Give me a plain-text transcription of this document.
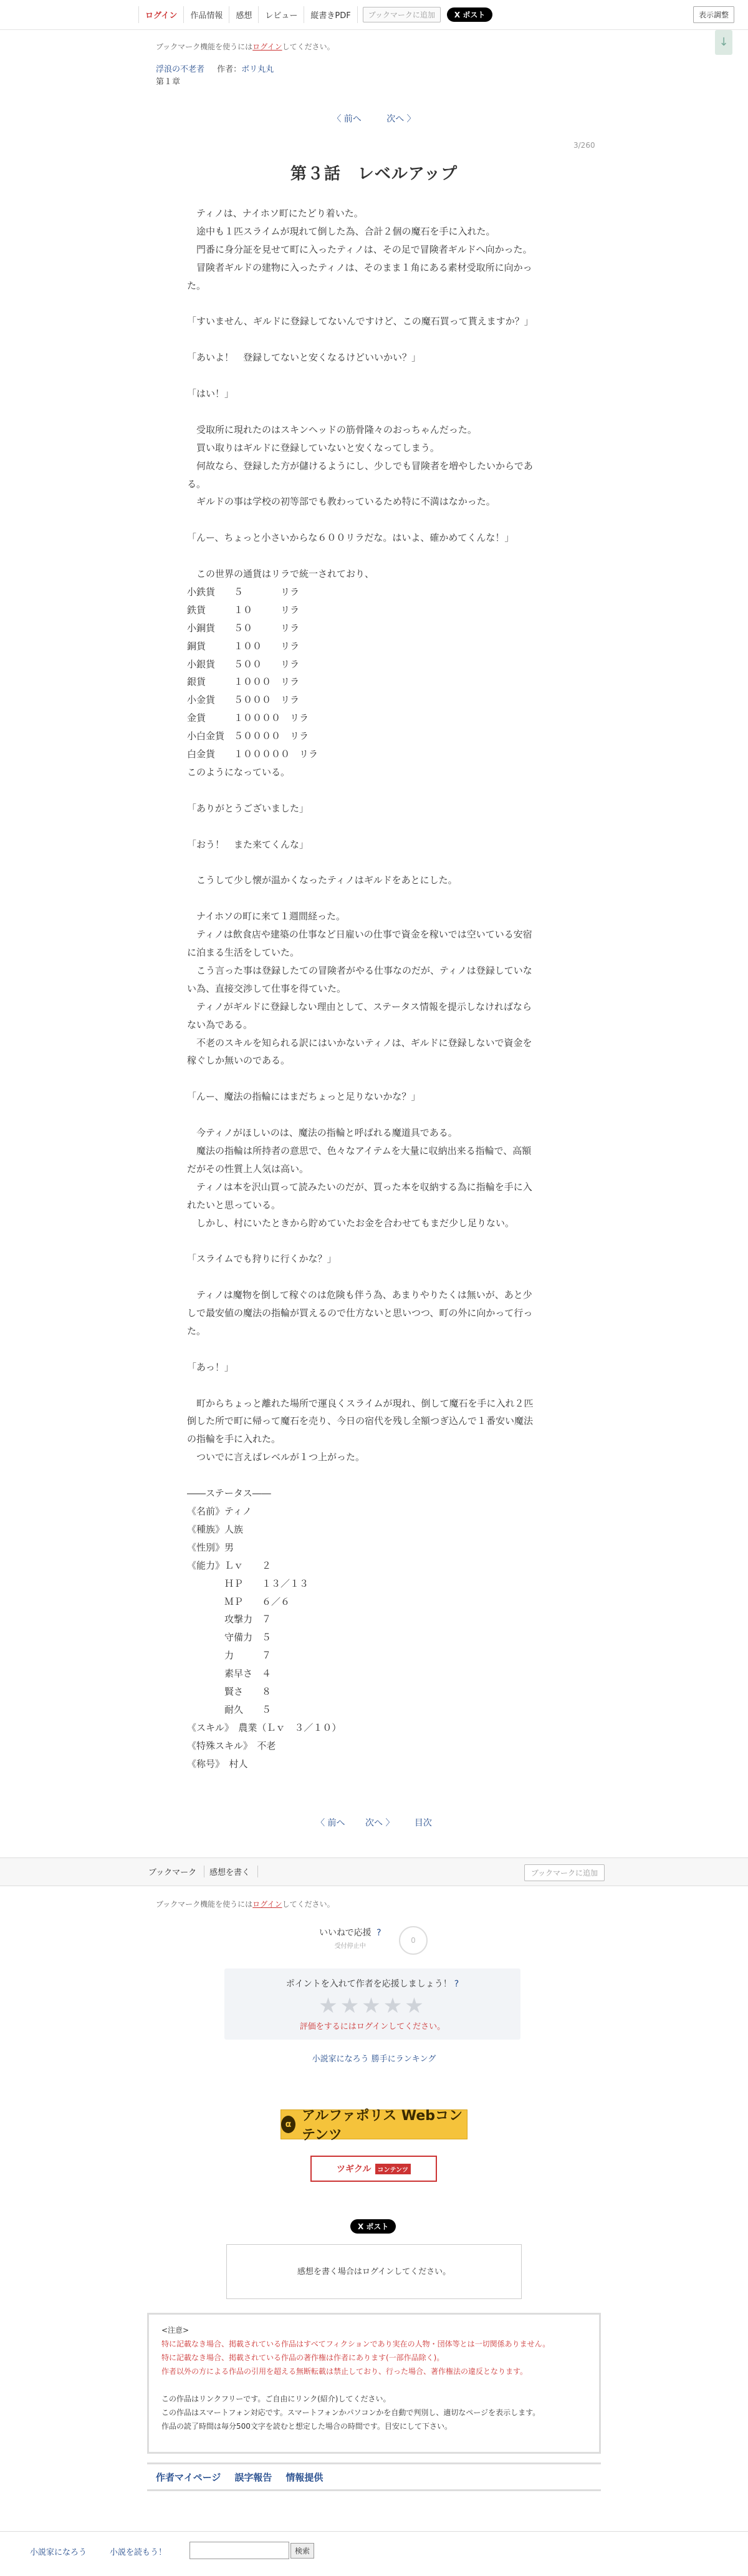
ログイン	作品情報	感想	レビュー	縦書きPDF	ブックマークに追加	X ポスト	表示調整
↓
ブックマーク機能を使うにはログインしてください。
浮浪の不老者 作者：ボリ丸丸
第１章
〈 前へ	次へ 〉
3/260
第３話　レベルアップ

　ティノは、ナイホソ町にたどり着いた。

　途中も１匹スライムが現れて倒した為、合計２個の魔石を手に入れた。

　門番に身分証を見せて町に入ったティノは、その足で冒険者ギルドへ向かった。

　冒険者ギルドの建物に入ったティノは、そのまま１角にある素材受取所に向かっ

た。

「すいません、ギルドに登録してないんですけど、この魔石買って貰えますか？」

「あいよ！　登録してないと安くなるけどいいかい？」

「はい！」

　受取所に現れたのはスキンヘッドの筋骨隆々のおっちゃんだった。

　買い取りはギルドに登録していないと安くなってしまう。

　何故なら、登録した方が儲けるようにし、少しでも冒険者を増やしたいからであ

る。

　ギルドの事は学校の初等部でも教わっているため特に不満はなかった。

「んー、ちょっと小さいからな６００リラだな。はいよ、確かめてくんな！」

　この世界の通貨はリラで統一されており、

小鉄貨　　５　　　　リラ

鉄貨　　　１０　　　リラ

小銅貨　　５０　　　リラ

銅貨　　　１００　　リラ

小銀貨　　５００　　リラ

銀貨　　　１０００　リラ

小金貨　　５０００　リラ

金貨　　　１００００　リラ

小白金貨　５００００　リラ

白金貨　　１０００００　リラ

このようになっている。

「ありがとうございました」

「おう！　また来てくんな」

　こうして少し懐が温かくなったティノはギルドをあとにした。

　ナイホソの町に来て１週間経った。

　ティノは飲食店や建築の仕事など日雇いの仕事で資金を稼いでは空いている安宿

に泊まる生活をしていた。

　こう言った事は登録したての冒険者がやる仕事なのだが、ティノは登録していな

い為、直接交渉して仕事を得ていた。

　ティノがギルドに登録しない理由として、ステータス情報を提示しなければなら

ない為である。

　不老のスキルを知られる訳にはいかないティノは、ギルドに登録しないで資金を

稼ぐしか無いのである。

「んー、魔法の指輪にはまだちょっと足りないかな？」

　今ティノがほしいのは、魔法の指輪と呼ばれる魔道具である。

　魔法の指輪は所持者の意思で、色々なアイテムを大量に収納出来る指輪で、高額

だがその性質上人気は高い。

　ティノは本を沢山買って読みたいのだが、買った本を収納する為に指輪を手に入

れたいと思っている。

　しかし、村にいたときから貯めていたお金を合わせてもまだ少し足りない。

「スライムでも狩りに行くかな？」

　ティノは魔物を倒して稼ぐのは危険も伴う為、あまりやりたくは無いが、あと少

しで最安値の魔法の指輪が買えるので仕方ないと思いつつ、町の外に向かって行っ

た。

「あっ！」

　町からちょっと離れた場所で運良くスライムが現れ、倒して魔石を手に入れ２匹

倒した所で町に帰って魔石を売り、今日の宿代を残し全額つぎ込んで１番安い魔法

の指輪を手に入れた。

　ついでに言えばレベルが１つ上がった。

――ステータス――

《名前》ティノ

《種族》人族

《性別》男

《能力》Ｌｖ　　２

　　　　ＨＰ　　１３／１３

　　　　ＭＰ　　６／６

　　　　攻撃力　７

　　　　守備力　５

　　　　力　　　７

　　　　素早さ　４

　　　　賢さ　　８

　　　　耐久　　５

《スキル》　農業（Ｌｖ　３／１０）

《特殊スキル》　不老

《称号》　村人

〈 前へ 次へ 〉 目次
ブックマーク	感想を書く	ブックマークに追加
ブックマーク機能を使うにはログインしてください。
いいねで応援 ?
受付停止中
0
ポイントを入れて作者を応援しましょう！ ?
★★★★★
評価をするにはログインしてください。
小説家になろう 勝手にランキング
α
アルファポリス Webコンテンツ
ツギクル	コンテンツ
X ポスト
感想を書く場合はログインしてください。
<注意>
特に記載なき場合、掲載されている作品はすべてフィクションであり実在の人物・団体等とは一切関係ありません。
特に記載なき場合、掲載されている作品の著作権は作者にあります(一部作品除く)。
作者以外の方による作品の引用を超える無断転載は禁止しており、行った場合、著作権法の違反となります。
この作品はリンクフリーです。ご自由にリンク(紹介)してください。
この作品はスマートフォン対応です。スマートフォンかパソコンかを自動で判別し、適切なページを表示します。
作品の読了時間は毎分500文字を読むと想定した場合の時間です。目安にして下さい。
作者マイページ 誤字報告 情報提供
小説家になろう	小説を読もう！	検索
